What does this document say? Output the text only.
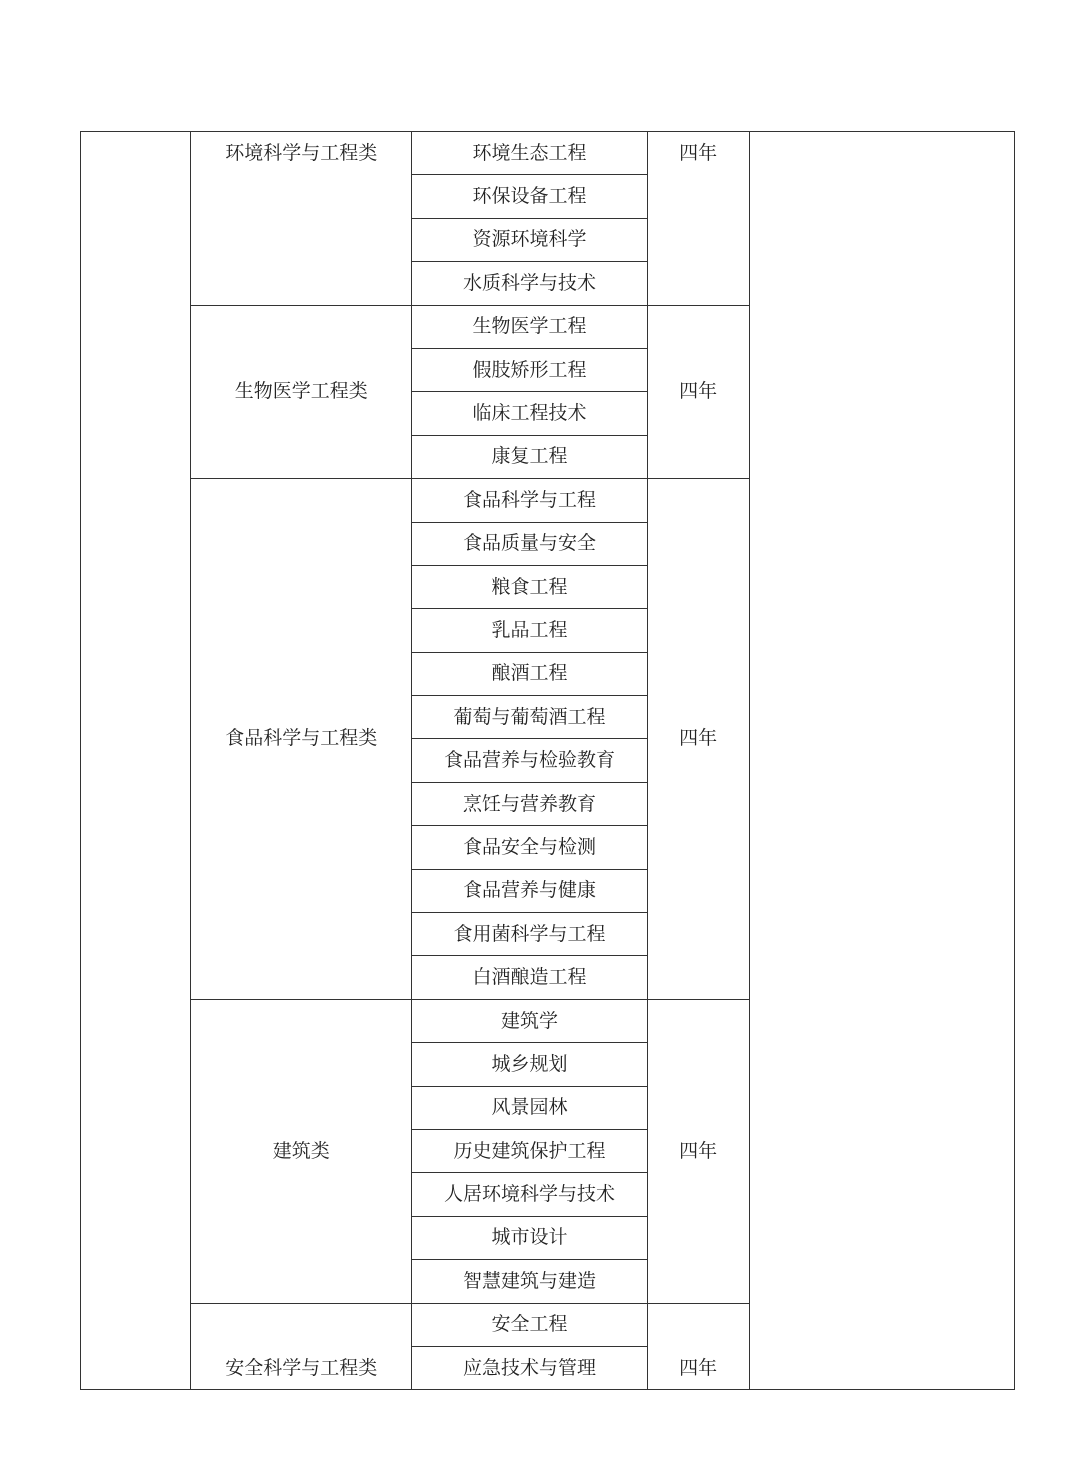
	环境科学与工程类	环境生态工程	四年	
		环保设备工程		
		资源环境科学		
		水质科学与技术		
	生物医学工程类	生物医学工程	四年	
		假肢矫形工程		
		临床工程技术		
		康复工程		
	食品科学与工程类	食品科学与工程	四年	
		食品质量与安全		
		粮食工程		
		乳品工程		
		酿酒工程		
		葡萄与葡萄酒工程		
		食品营养与检验教育		
		烹饪与营养教育		
		食品安全与检测		
		食品营养与健康		
		食用菌科学与工程		
		白酒酿造工程		
	建筑类	建筑学	四年	
		城乡规划		
		风景园林		
		历史建筑保护工程		
		人居环境科学与技术		
		城市设计		
		智慧建筑与建造		
	安全科学与工程类	安全工程	四年	
		应急技术与管理		
